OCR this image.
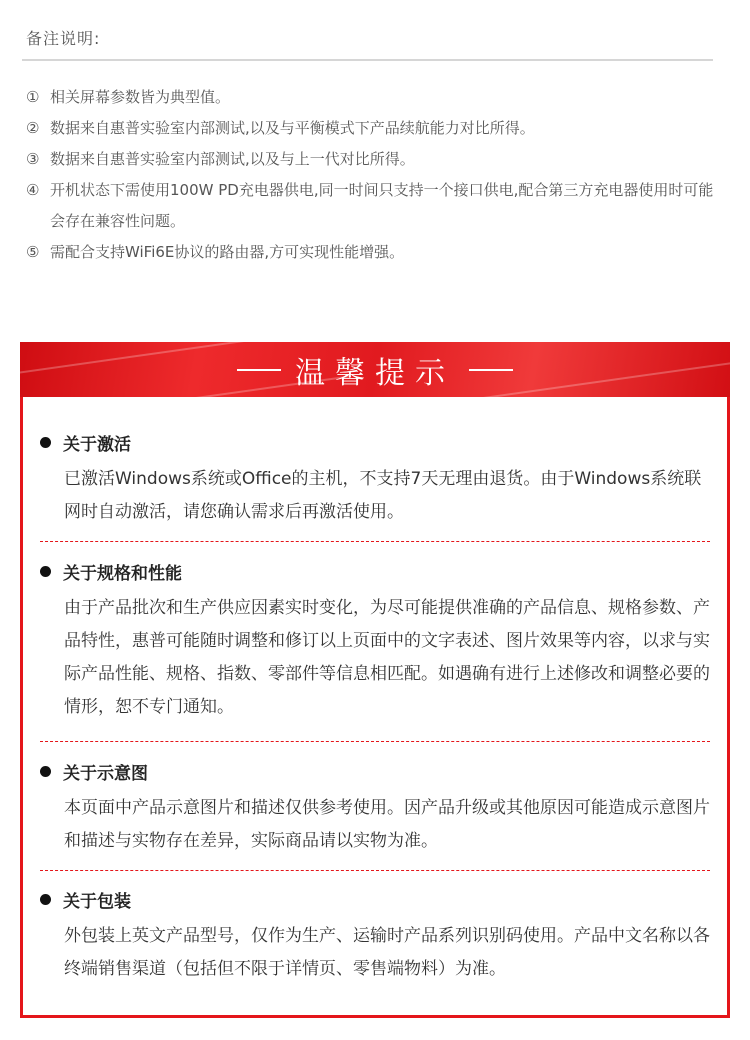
备注说明:
① 相关屏幕参数皆为典型值。
② 数据来自惠普实验室内部测试,以及与平衡模式下产品续航能力对比所得。
③ 数据来自惠普实验室内部测试,以及与上一代对比所得。
④ 开机状态下需使用100W PD充电器供电,同一时间只支持一个接口供电,配合第三方充电器使用时可能会存在兼容性问题。
⑤ 需配合支持WiFi6E协议的路由器,方可实现性能增强。
温馨提示
关于激活
已激活Windows系统或Office的主机，不支持7天无理由退货。由于Windows系统联网时自动激活，请您确认需求后再激活使用。
关于规格和性能
由于产品批次和生产供应因素实时变化，为尽可能提供准确的产品信息、规格参数、产品特性，惠普可能随时调整和修订以上页面中的文字表述、图片效果等内容，以求与实际产品性能、规格、指数、零部件等信息相匹配。如遇确有进行上述修改和调整必要的情形，恕不专门通知。
关于示意图
本页面中产品示意图片和描述仅供参考使用。因产品升级或其他原因可能造成示意图片和描述与实物存在差异，实际商品请以实物为准。
关于包装
外包装上英文产品型号，仅作为生产、运输时产品系列识别码使用。产品中文名称以各终端销售渠道（包括但不限于详情页、零售端物料）为准。
